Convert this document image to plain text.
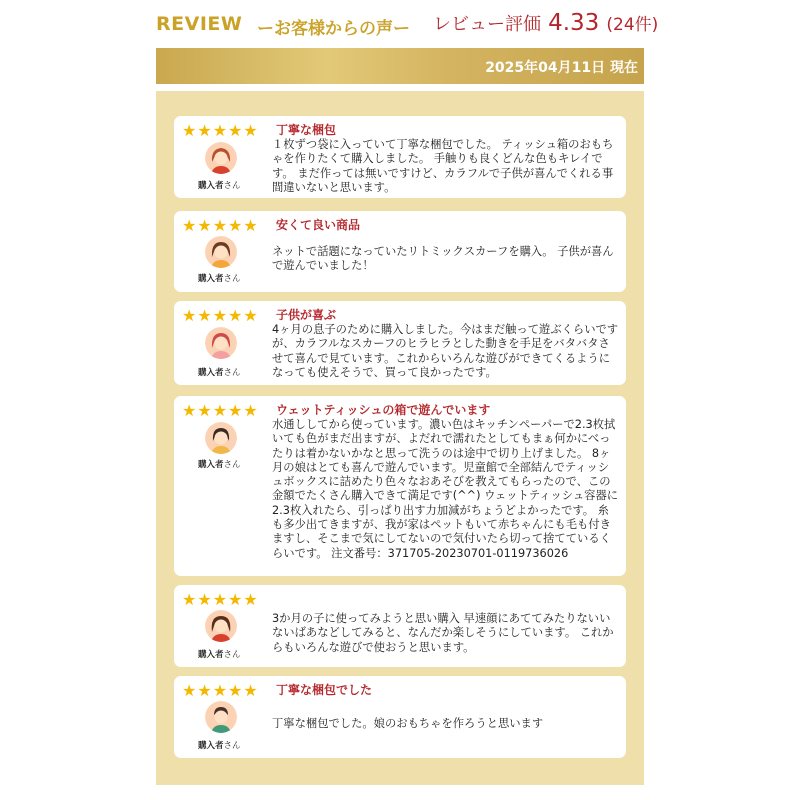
REVIEW ーお客様からの声ー レビュー評価 4.33 (24件)
2025年04月11日 現在
★★★★★ 丁寧な梱包
購入者さん
１枚ずつ袋に入っていて丁寧な梱包でした。 ティッシュ箱のおもちゃを作りたくて購入しました。 手触りも良くどんな色もキレイです。 まだ作っては無いですけど、カラフルで子供が喜んでくれる事間違いないと思います。
★★★★★ 安くて良い商品
購入者さん
ネットで話題になっていたリトミックスカーフを購入。 子供が喜んで遊んでいました！
★★★★★ 子供が喜ぶ
購入者さん
4ヶ月の息子のために購入しました。今はまだ触って遊ぶくらいですが、カラフルなスカーフのヒラヒラとした動きを手足をバタバタさせて喜んで見ています。これからいろんな遊びができてくるようになっても使えそうで、買って良かったです。
★★★★★ ウェットティッシュの箱で遊んでいます
購入者さん
水通ししてから使っています。濃い色はキッチンペーパーで2.3枚拭いても色がまだ出ますが、よだれで濡れたとしてもまぁ何かにべったりは着かないかなと思って洗うのは途中で切り上げました。 8ヶ月の娘はとても喜んで遊んでいます。児童館で全部結んでティッシュボックスに詰めたり色々なおあそびを教えてもらったので、この金額でたくさん購入できて満足です(^^) ウェットティッシュ容器に2.3枚入れたら、引っぱり出す力加減がちょうどよかったです。 糸も多少出てきますが、我が家はペットもいて赤ちゃんにも毛も付きますし、そこまで気にしてないので気付いたら切って捨てているくらいです。 注文番号：371705-20230701-0119736026
★★★★★
購入者さん
3か月の子に使ってみようと思い購入 早速顔にあててみたりないいないばあなどしてみると、なんだか楽しそうにしています。 これからもいろんな遊びで使おうと思います。
★★★★★ 丁寧な梱包でした
購入者さん
丁寧な梱包でした。娘のおもちゃを作ろうと思います
